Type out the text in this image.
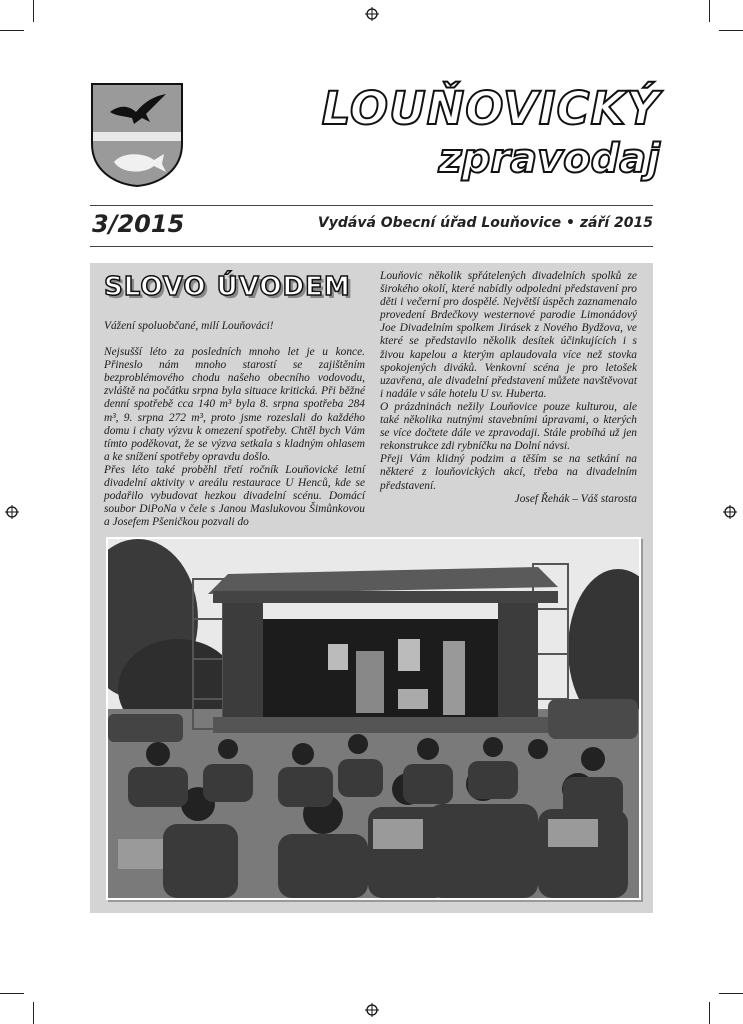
LOUŇOVICKÝ
zpravodaj
3/2015	Vydává Obecní úřad Louňovice • září 2015
SLOVO ÚVODEM

Vážení spoluobčané, milí Louňováci!

Nejsušší léto za posledních mnoho let je u konce. Přineslo nám mnoho starostí se zajištěním bezproblémového chodu našeho obecního vodovodu, zvláště na počátku srpna byla situace kritická. Při běžné denní spotřebě cca 140 m³ byla 8. srpna spotřeba 284 m³, 9. srpna 272 m³, proto jsme rozeslali do každého domu i chaty výzvu k omezení spotřeby. Chtěl bych Vám tímto poděkovat, že se výzva setkala s kladným ohlasem a ke snížení spotřeby opravdu došlo.

Přes léto také proběhl třetí ročník Louňovické letní divadelní aktivity v areálu restaurace U Henců, kde se podařilo vybudovat hezkou divadelní scénu. Domácí soubor DiPoNa v čele s Janou Maslukovou Šimůnkovou a Josefem Pšeničkou pozvali do

Louňovic několik spřátelených divadelních spolků ze širokého okolí, které nabídly odpoledni představení pro děti i večerní pro dospělé. Největší úspěch zaznamenalo provedení Brdečkovy westernové parodie Limonádový Joe Divadelním spolkem Jirásek z Nového Bydžova, ve které se představilo několik desítek účinkujících i s živou kapelou a kterým aplaudovala více než stovka spokojených diváků. Venkovní scéna je pro letošek uzavřena, ale divadelní představení můžete navštěvovat i nadále v sále hotelu U sv. Huberta.

O prázdninách nežily Louňovice pouze kulturou, ale také několika nutnými stavebními úpravami, o kterých se více dočtete dále ve zpravodaji. Stále probíhá už jen rekonstrukce zdi rybníčku na Dolní návsi.

Přeji Vám klidný podzim a těším se na setkání na některé z louňovických akcí, třeba na divadelním představení.

Josef Řehák – Váš starosta
